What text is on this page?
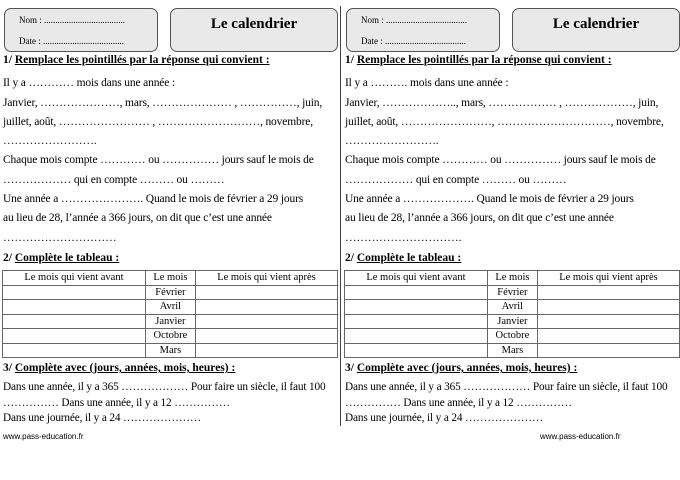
Nom : ....................................
Date : ....................................
Le calendrier
1/ Remplace les pointillés par la réponse qui convient :
Il y a ………… mois dans une année :
Janvier, …………………, mars, ………………… , ……………, juin,
juillet, août, …………………… , ………………………, novembre,
…………………….
Chaque mois compte ………… ou …………… jours sauf le mois de
……………… qui en compte ……… ou ………
Une année a …………………. Quand le mois de février a 29 jours
au lieu de 28, l’année a 366 jours, on dit que c’est une année
…………………………
2/ Complète le tableau :
Le mois qui vient avant	Le mois	Le mois qui vient après
	Février	
	Avril	
	Janvier	
	Octobre	
	Mars	
3/ Complète avec (jours, années, mois, heures) :
Dans une année, il y a 365 ……………… Pour faire un siècle, il faut 100
…………… Dans une année, il y a 12 ……………
Dans une journée, il y a 24 …………………
www.pass-education.fr
Nom : ....................................
Date : ....................................
Le calendrier
1/ Remplace les pointillés par la réponse qui convient :
Il y a ………. mois dans une année :
Janvier, ……………….., mars, ……………… , ………………, juin,
juillet, août, ……………………, …………………………, novembre,
…………………….
Chaque mois compte ………… ou …………… jours sauf le mois de
……………… qui en compte ……… ou ………
Une année a ………………. Quand le mois de février a 29 jours
au lieu de 28, l’année a 366 jours, on dit que c’est une année
………………………….
2/ Complète le tableau :
Le mois qui vient avant	Le mois	Le mois qui vient après
	Février	
	Avril	
	Janvier	
	Octobre	
	Mars	
3/ Complète avec (jours, années, mois, heures) :
Dans une année, il y a 365 ……………… Pour faire un siècle, il faut 100
…………… Dans une année, il y a 12 ……………
Dans une journée, il y a 24 …………………
www.pass-education.fr
